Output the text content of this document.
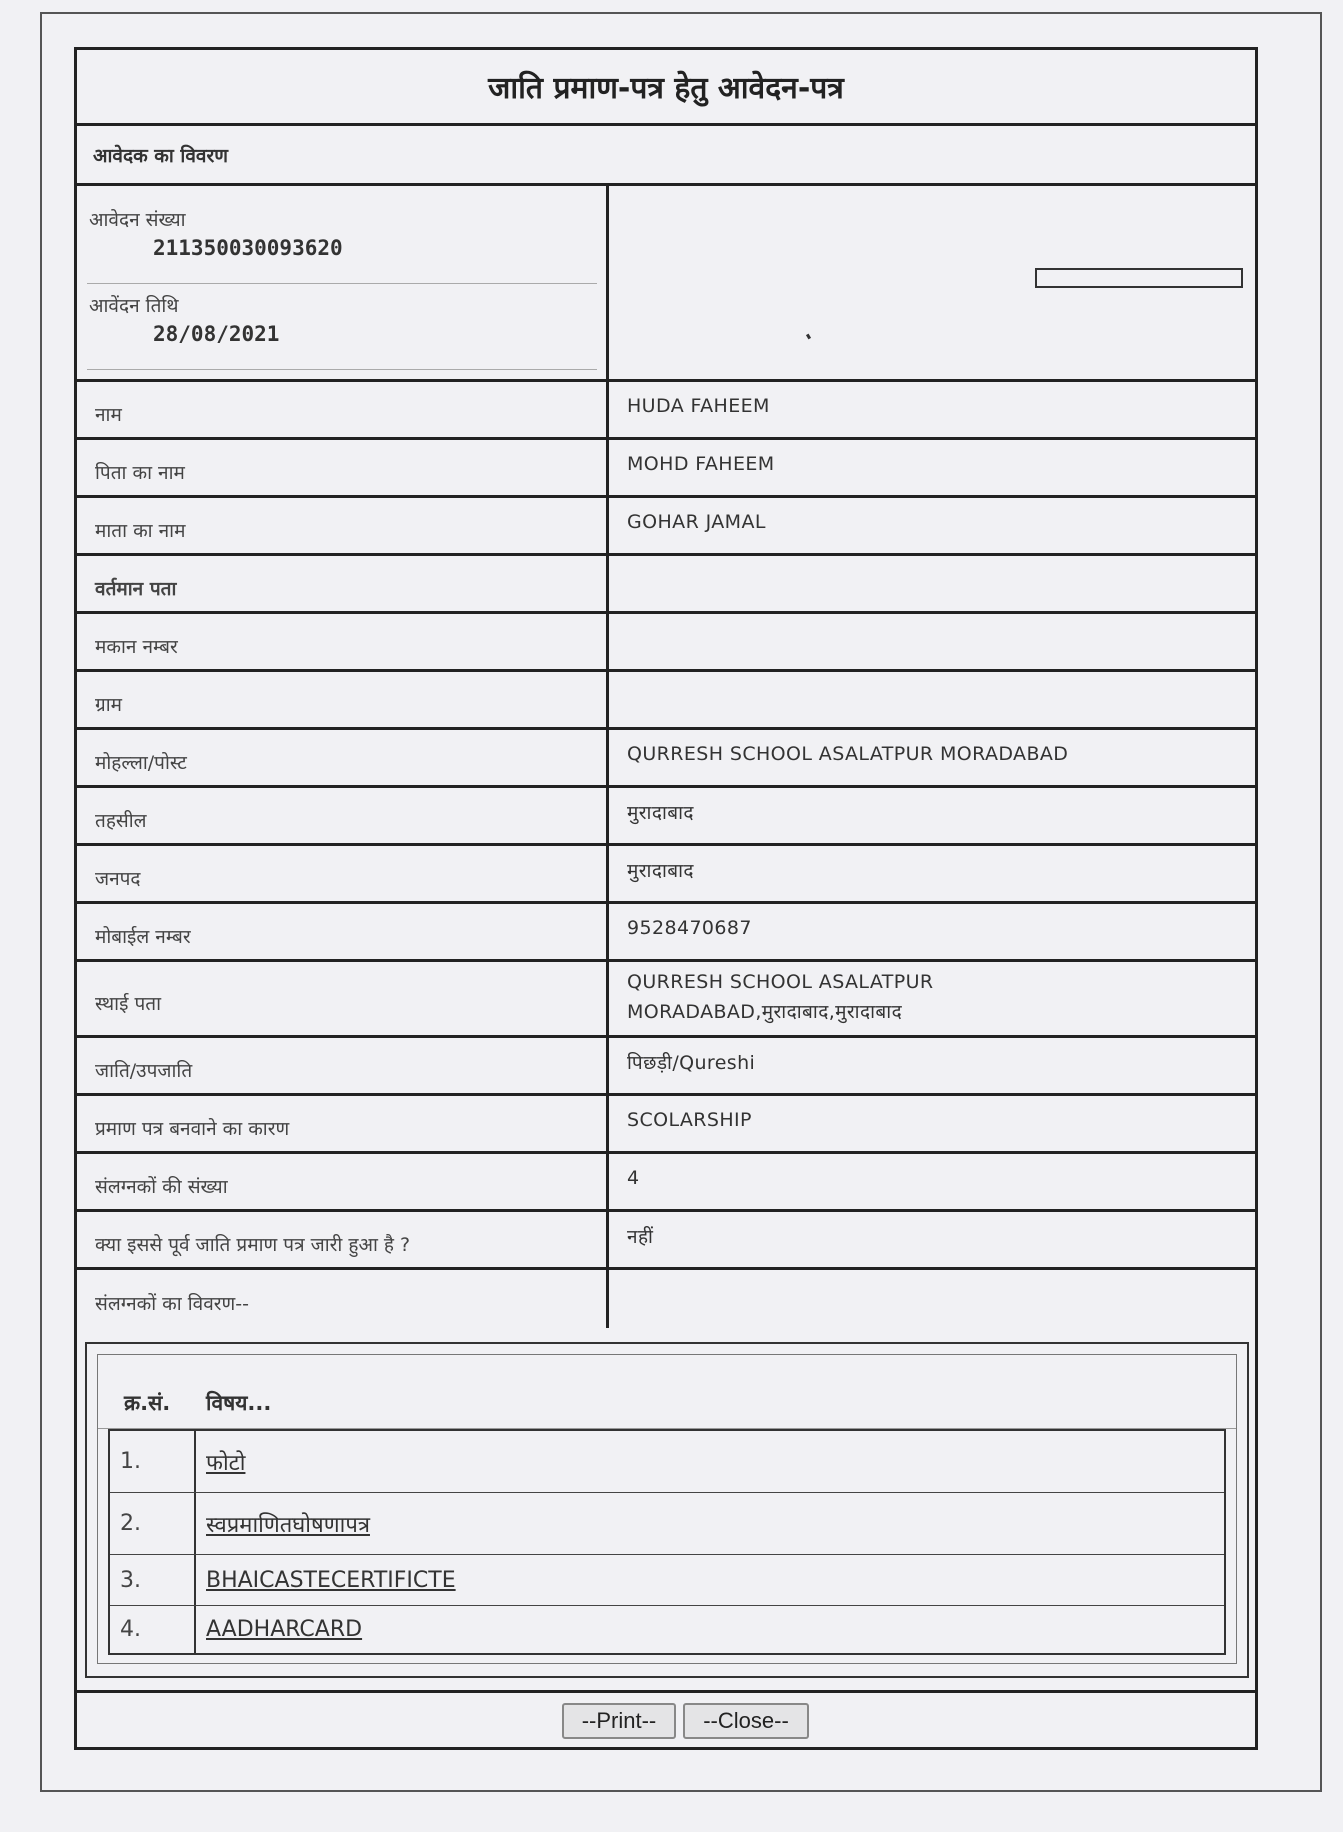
जाति प्रमाण-पत्र हेतु आवेदन-पत्र
आवेदक का विवरण
आवेदन संख्या
211350030093620
आवेंदन तिथि
28/08/2021
नाम	HUDA FAHEEM
पिता का नाम	MOHD FAHEEM
माता का नाम	GOHAR JAMAL
वर्तमान पता
मकान नम्बर
ग्राम
मोहल्ला/पोस्ट	QURRESH SCHOOL ASALATPUR MORADABAD
तहसील	मुरादाबाद
जनपद	मुरादाबाद
मोबाईल नम्बर	9528470687
स्थाई पता
QURRESH SCHOOL ASALATPUR
MORADABAD,मुरादाबाद,मुरादाबाद
जाति/उपजाति	पिछड़ी/Qureshi
प्रमाण पत्र बनवाने का कारण	SCOLARSHIP
संलग्नकों की संख्या	4
क्या इससे पूर्व जाति प्रमाण पत्र जारी हुआ है ?	नहीं
संलग्नकों का विवरण--
क्र.सं. विषय...
1.	फोटो
2.	स्वप्रमाणितघोषणापत्र
3.	BHAICASTECERTIFICTE
4.	AADHARCARD
--Print--	--Close--
